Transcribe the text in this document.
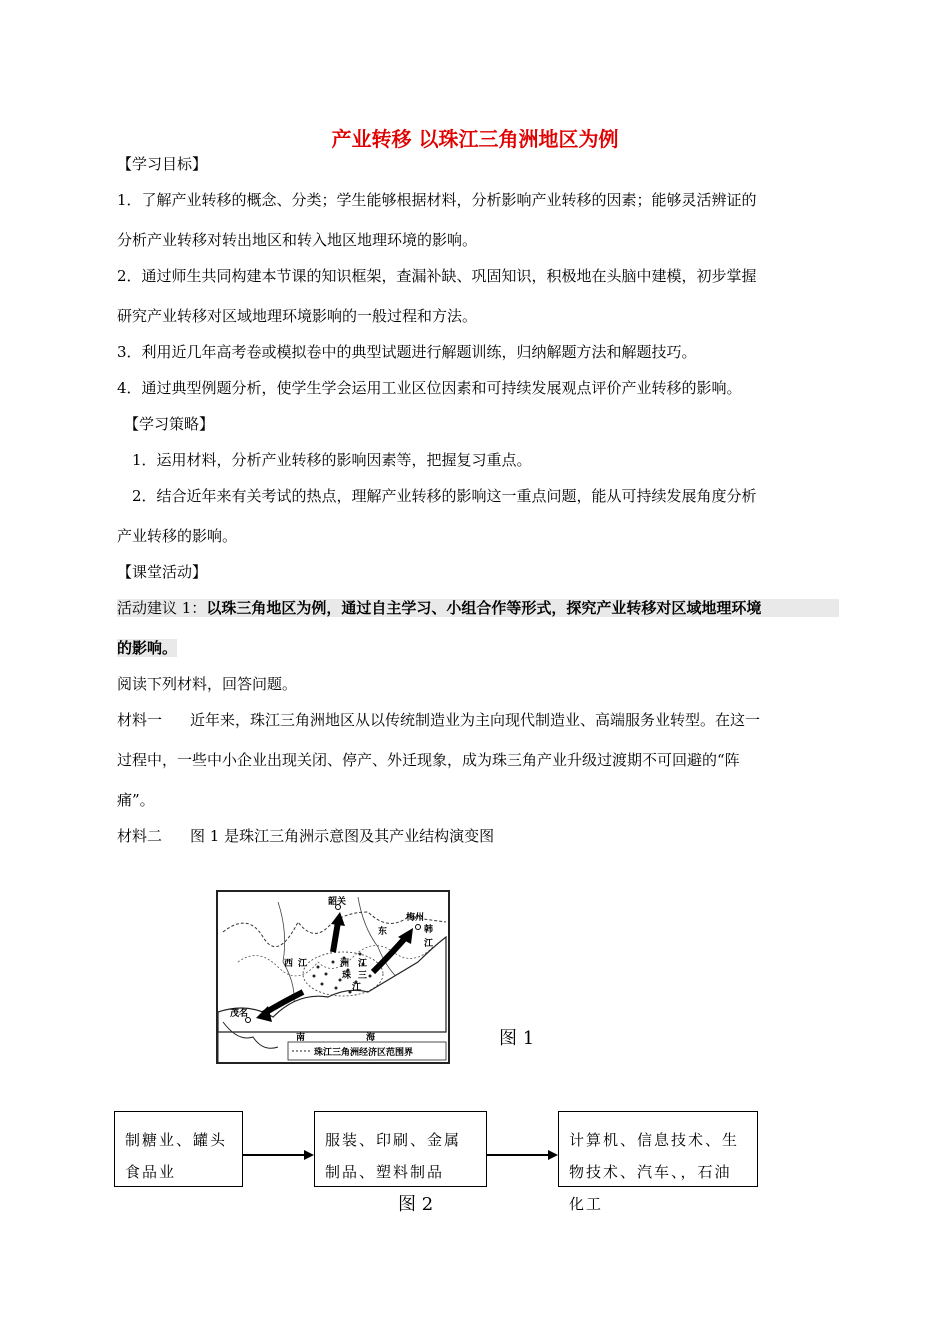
产业转移 以珠江三角洲地区为例
【学习目标】
1．了解产业转移的概念、分类；学生能够根据材料，分析影响产业转移的因素；能够灵活辨证的
分析产业转移对转出地区和转入地区地理环境的影响。
2．通过师生共同构建本节课的知识框架，查漏补缺、巩固知识，积极地在头脑中建模，初步掌握
研究产业转移对区域地理环境影响的一般过程和方法。
3．利用近几年高考卷或模拟卷中的典型试题进行解题训练，归纳解题方法和解题技巧。
4．通过典型例题分析，使学生学会运用工业区位因素和可持续发展观点评价产业转移的影响。
【学习策略】
1．运用材料，分析产业转移的影响因素等，把握复习重点。
2．结合近年来有关考试的热点，理解产业转移的影响这一重点问题，能从可持续发展角度分析
产业转移的影响。
【课堂活动】
活动建议 1：以珠三角地区为例，通过自主学习、小组合作等形式，探究产业转移对区域地理环境
的影响。
阅读下列材料，回答问题。
材料一 近年来，珠江三角洲地区从以传统制造业为主向现代制造业、高端服务业转型。在这一
过程中，一些中小企业出现关闭、停产、外迁现象，成为珠三角产业升级过渡期不可回避的“阵
痛”。
材料二 图 1 是珠江三角洲示意图及其产业结构演变图
韶关
梅州
韩
江
东
西 江	洲 江
珠 三
江
茂名
南	海
珠江三角洲经济区范围界
图 1
制糖业、罐头食品业
服装、印刷、金属制品、塑料制品
计算机、信息技术、生物技术、汽车、，石油化工
图 2
